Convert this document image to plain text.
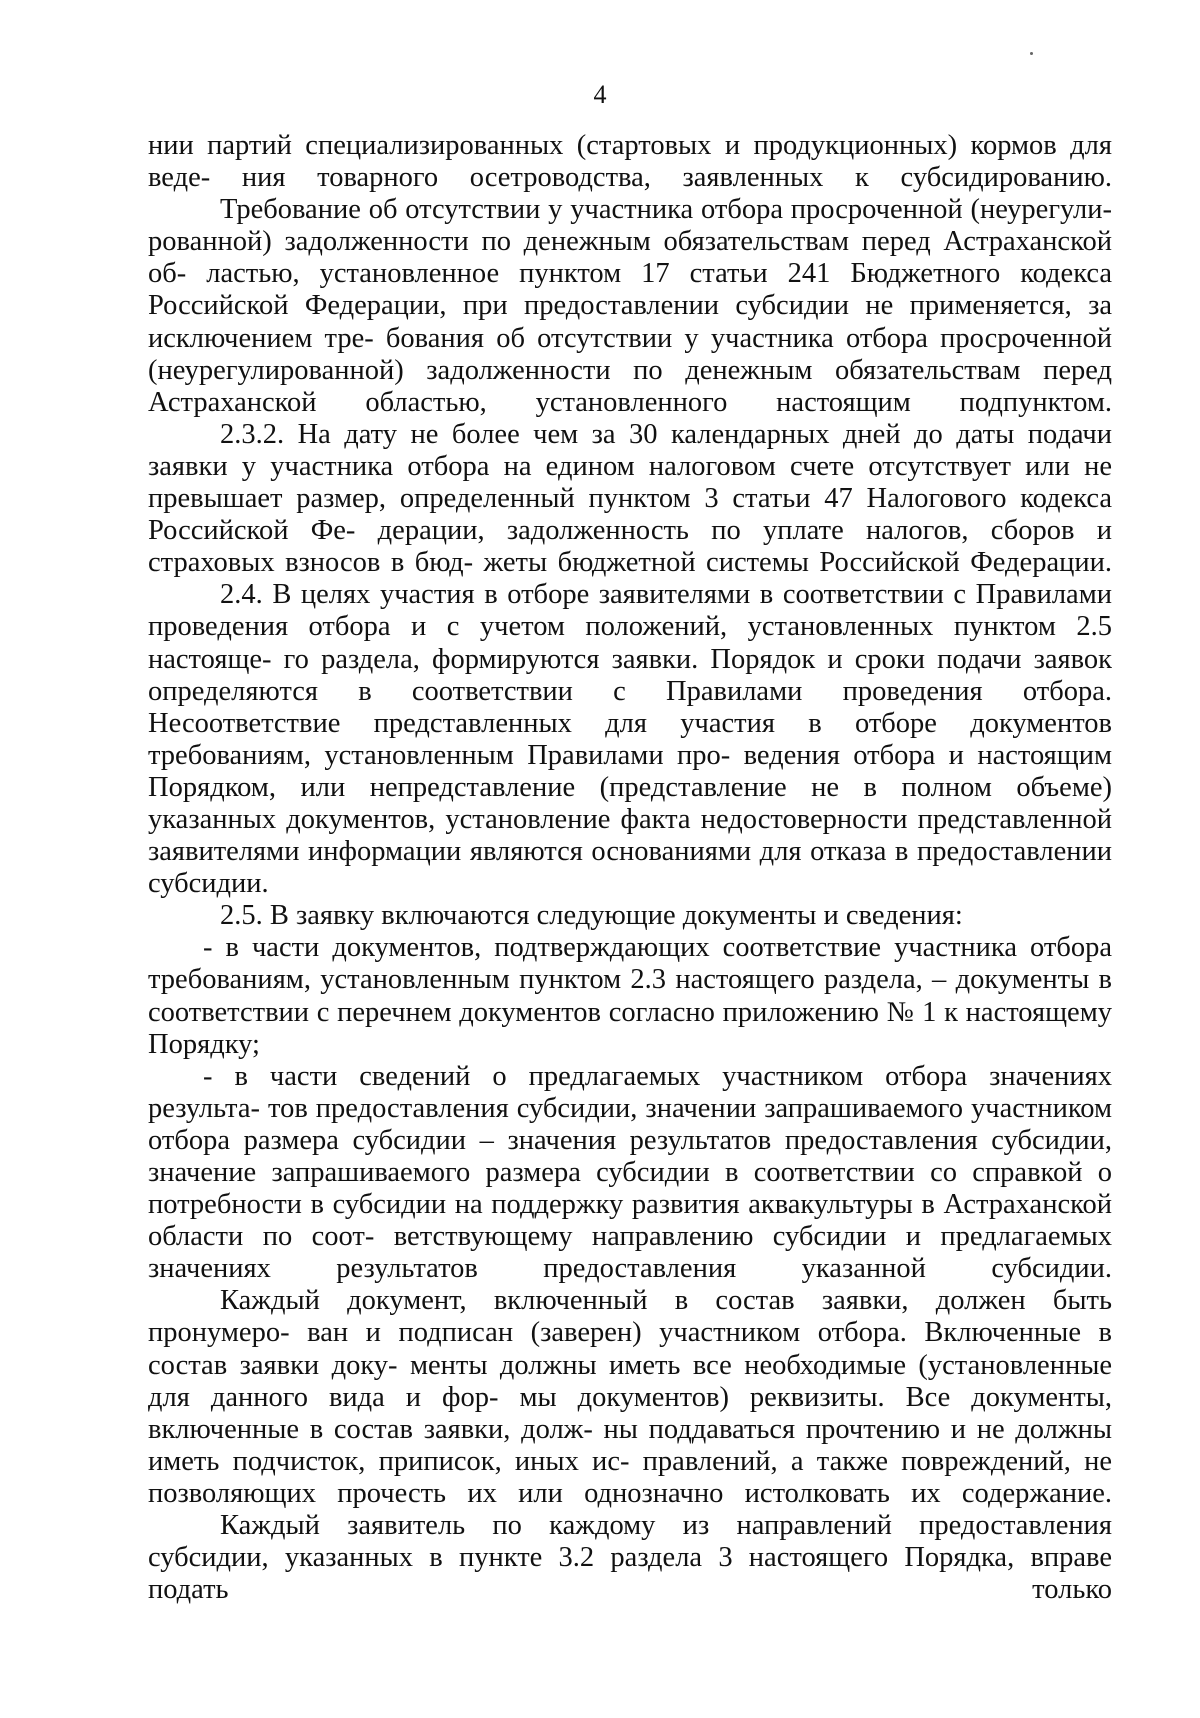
4

нии партий специализированных (стартовых и продукционных) кормов для веде- ния товарного осетроводства, заявленных к субсидированию.

Требование об отсутствии у участника отбора просроченной (неурегули- рованной) задолженности по денежным обязательствам перед Астраханской об- ластью, установленное пунктом 17 статьи 241 Бюджетного кодекса Российской Федерации, при предоставлении субсидии не применяется, за исключением тре- бования об отсутствии у участника отбора просроченной (неурегулированной) задолженности по денежным обязательствам перед Астраханской областью, установленного настоящим подпунктом.

2.3.2. На дату не более чем за 30 календарных дней до даты подачи заявки у участника отбора на едином налоговом счете отсутствует или не превышает размер, определенный пунктом 3 статьи 47 Налогового кодекса Российской Фе- дерации, задолженность по уплате налогов, сборов и страховых взносов в бюд- жеты бюджетной системы Российской Федерации.

2.4. В целях участия в отборе заявителями в соответствии с Правилами проведения отбора и с учетом положений, установленных пунктом 2.5 настояще- го раздела, формируются заявки. Порядок и сроки подачи заявок определяются в соответствии с Правилами проведения отбора. Несоответствие представленных для участия в отборе документов требованиям, установленным Правилами про- ведения отбора и настоящим Порядком, или непредставление (представление не в полном объеме) указанных документов, установление факта недостоверности представленной заявителями информации являются основаниями для отказа в предоставлении субсидии.

2.5. В заявку включаются следующие документы и сведения:

- в части документов, подтверждающих соответствие участника отбора требованиям, установленным пунктом 2.3 настоящего раздела, – документы в соответствии с перечнем документов согласно приложению № 1 к настоящему Порядку;

- в части сведений о предлагаемых участником отбора значениях результа- тов предоставления субсидии, значении запрашиваемого участником отбора размера субсидии – значения результатов предоставления субсидии, значение запрашиваемого размера субсидии в соответствии со справкой о потребности в субсидии на поддержку развития аквакультуры в Астраханской области по соот- ветствующему направлению субсидии и предлагаемых значениях результатов предоставления указанной субсидии.

Каждый документ, включенный в состав заявки, должен быть пронумеро- ван и подписан (заверен) участником отбора. Включенные в состав заявки доку- менты должны иметь все необходимые (установленные для данного вида и фор- мы документов) реквизиты. Все документы, включенные в состав заявки, долж- ны поддаваться прочтению и не должны иметь подчисток, приписок, иных ис- правлений, а также повреждений, не позволяющих прочесть их или однозначно истолковать их содержание.

Каждый заявитель по каждому из направлений предоставления субсидии, указанных в пункте 3.2 раздела 3 настоящего Порядка, вправе подать только
